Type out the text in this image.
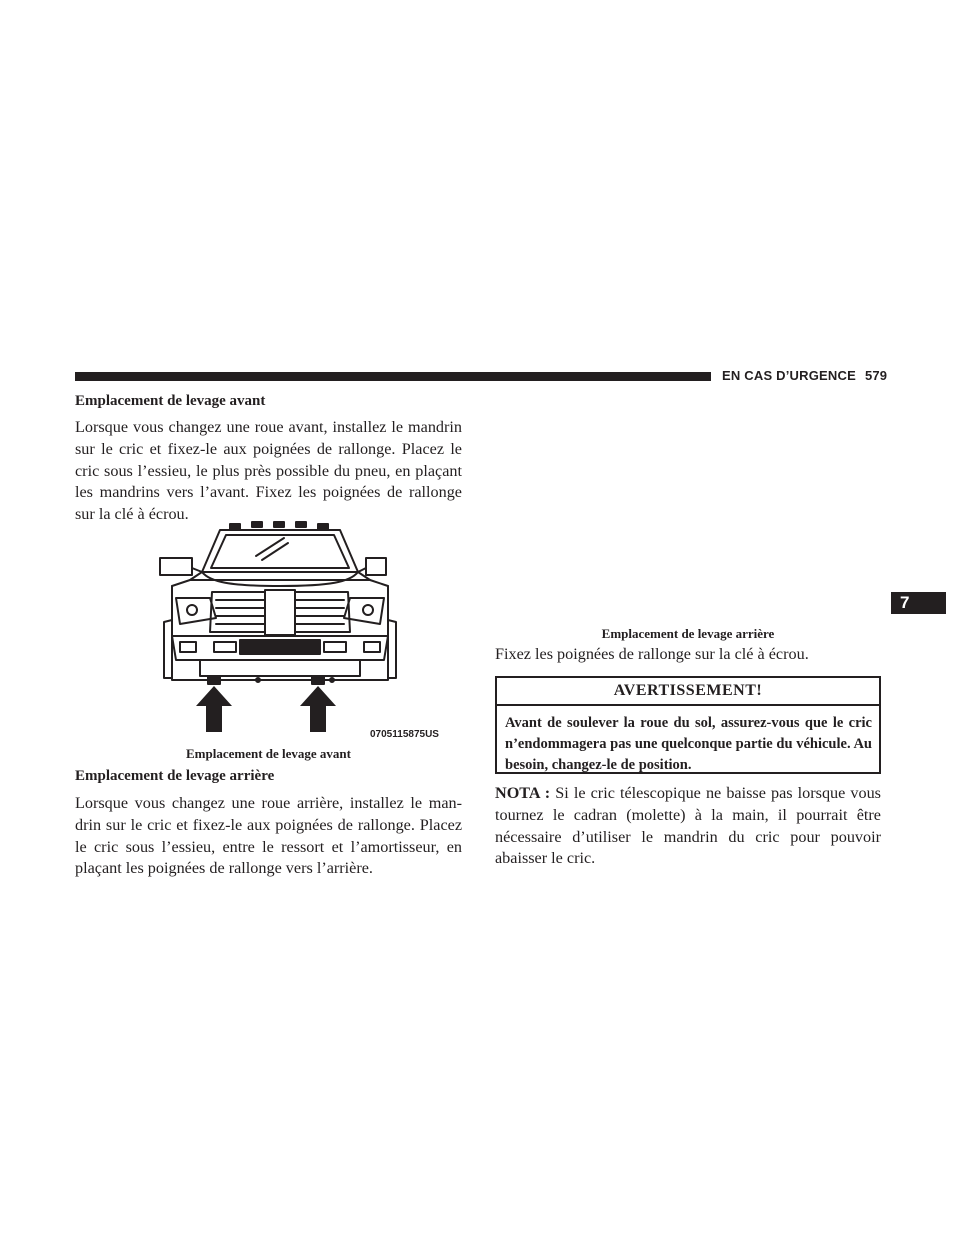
EN CAS D’URGENCE 579
7
Emplacement de levage avant
Lorsque vous changez une roue avant, installez le mandrin sur le cric et fixez-le aux poignées de rallonge. Placez le cric sous l’essieu, le plus près possible du pneu, en plaçant les mandrins vers l’avant. Fixez les poignées de rallonge sur la clé à écrou.
0705115875US
Emplacement de levage avant
Emplacement de levage arrière
Lorsque vous changez une roue arrière, installez le man-drin sur le cric et fixez-le aux poignées de rallonge. Placez le cric sous l’essieu, entre le ressort et l’amortisseur, en plaçant les poignées de rallonge vers l’arrière.
Emplacement de levage arrière
Fixez les poignées de rallonge sur la clé à écrou.
AVERTISSEMENT!
Avant de soulever la roue du sol, assurez-vous que le cric n’endommagera pas une quelconque partie du véhicule. Au besoin, changez-le de position.
NOTA : Si le cric télescopique ne baisse pas lorsque vous tournez le cadran (molette) à la main, il pourrait être nécessaire d’utiliser le mandrin du cric pour pouvoir abaisser le cric.
